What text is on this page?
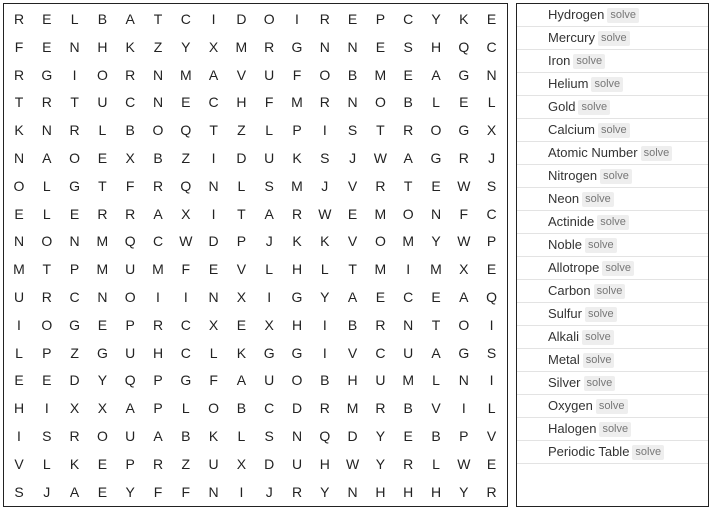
R	E	L	B	A	T	C	I	D	O	I	R	E	P	C	Y	K	E
F	E	N	H	K	Z	Y	X	M	R	G	N	N	E	S	H	Q	C
R	G	I	O	R	N	M	A	V	U	F	O	B	M	E	A	G	N
T	R	T	U	C	N	E	C	H	F	M	R	N	O	B	L	E	L
K	N	R	L	B	O	Q	T	Z	L	P	I	S	T	R	O	G	X
N	A	O	E	X	B	Z	I	D	U	K	S	J	W	A	G	R	J
O	L	G	T	F	R	Q	N	L	S	M	J	V	R	T	E	W	S
E	L	E	R	R	A	X	I	T	A	R	W	E	M	O	N	F	C
N	O	N	M	Q	C	W	D	P	J	K	K	V	O	M	Y	W	P
M	T	P	M	U	M	F	E	V	L	H	L	T	M	I	M	X	E
U	R	C	N	O	I	I	N	X	I	G	Y	A	E	C	E	A	Q
I	O	G	E	P	R	C	X	E	X	H	I	B	R	N	T	O	I
L	P	Z	G	U	H	C	L	K	G	G	I	V	C	U	A	G	S
E	E	D	Y	Q	P	G	F	A	U	O	B	H	U	M	L	N	I
H	I	X	X	A	P	L	O	B	C	D	R	M	R	B	V	I	L
I	S	R	O	U	A	B	K	L	S	N	Q	D	Y	E	B	P	V
V	L	K	E	P	R	Z	U	X	D	U	H	W	Y	R	L	W	E
S	J	A	E	Y	F	F	N	I	J	R	Y	N	H	H	H	Y	R
Hydrogen solve
Mercury solve
Iron solve
Helium solve
Gold solve
Calcium solve
Atomic Number solve
Nitrogen solve
Neon solve
Actinide solve
Noble solve
Allotrope solve
Carbon solve
Sulfur solve
Alkali solve
Metal solve
Silver solve
Oxygen solve
Halogen solve
Periodic Table solve
